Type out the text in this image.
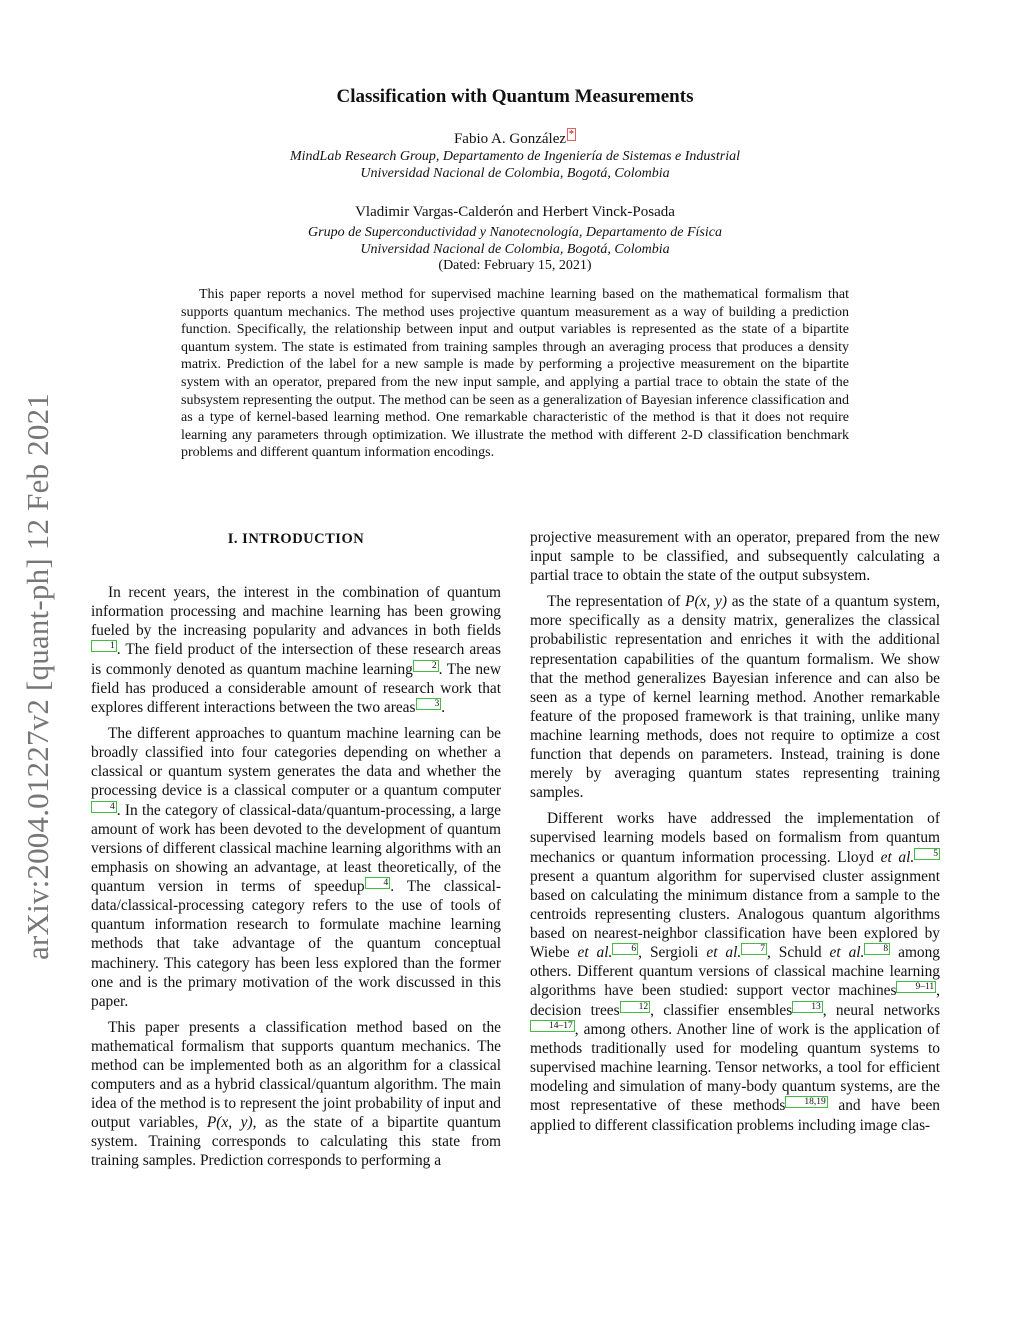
arXiv:2004.01227v2 [quant-ph] 12 Feb 2021
Classification with Quantum Measurements
Fabio A. González *
MindLab Research Group, Departamento de Ingeniería de Sistemas e Industrial
Universidad Nacional de Colombia, Bogotá, Colombia
Vladimir Vargas-Calderón and Herbert Vinck-Posada
Grupo de Superconductividad y Nanotecnología, Departamento de Física
Universidad Nacional de Colombia, Bogotá, Colombia
(Dated: February 15, 2021)

This paper reports a novel method for supervised machine learning based on the mathematical formalism that supports quantum mechanics. The method uses projective quantum measurement as a way of building a prediction function. Specifically, the relationship between input and output variables is represented as the state of a bipartite quantum system. The state is estimated from training samples through an averaging process that produces a density matrix. Prediction of the label for a new sample is made by performing a projective measurement on the bipartite system with an operator, prepared from the new input sample, and applying a partial trace to obtain the state of the subsystem representing the output. The method can be seen as a generalization of Bayesian inference classification and as a type of kernel-based learning method. One remarkable characteristic of the method is that it does not require learning any parameters through optimization. We illustrate the method with different 2-D classification benchmark problems and different quantum information encodings.

I. INTRODUCTION

In recent years, the interest in the combination of quantum information processing and machine learning has been growing fueled by the increasing popularity and advances in both fields1 . The field product of the intersection of these research areas is commonly denoted as quantum machine learning 2 . The new field has produced a considerable amount of research work that explores different interactions between the two areas 3 .

The different approaches to quantum machine learning can be broadly classified into four categories depending on whether a classical or quantum system generates the data and whether the processing device is a classical computer or a quantum computer4 . In the category of classical-data/quantum-processing, a large amount of work has been devoted to the development of quantum versions of different classical machine learning algorithms with an emphasis on showing an advantage, at least theoretically, of the quantum version in terms of speedup 4 . The classical-data/classical-processing category refers to the use of tools of quantum information research to formulate machine learning methods that take advantage of the quantum conceptual machinery. This category has been less explored than the former one and is the primary motivation of the work discussed in this paper.

This paper presents a classification method based on the mathematical formalism that supports quantum mechanics. The method can be implemented both as an algorithm for a classical computers and as a hybrid classical/quantum algorithm. The main idea of the method is to represent the joint probability of input and output variables, P(x, y), as the state of a bipartite quantum system. Training corresponds to calculating this state from training samples. Prediction corresponds to performing a

projective measurement with an operator, prepared from the new input sample to be classified, and subsequently calculating a partial trace to obtain the state of the output subsystem.

The representation of P(x, y) as the state of a quantum system, more specifically as a density matrix, generalizes the classical probabilistic representation and enriches it with the additional representation capabilities of the quantum formalism. We show that the method generalizes Bayesian inference and can also be seen as a type of kernel learning method. Another remarkable feature of the proposed framework is that training, unlike many machine learning methods, does not require to optimize a cost function that depends on parameters. Instead, training is done merely by averaging quantum states representing training samples.

Different works have addressed the implementation of supervised learning models based on formalism from quantum mechanics or quantum information processing. Lloyd et al. 5 present a quantum algorithm for supervised cluster assignment based on calculating the minimum distance from a sample to the centroids representing clusters. Analogous quantum algorithms based on nearest-neighbor classification have been explored by Wiebe et al. 6 , Sergioli et al. 7 , Schuld et al. 8 among others. Different quantum versions of classical machine learning algorithms have been studied: support vector machines 9–11 , decision trees 12 , classifier ensembles 13 , neural networks14–17 , among others. Another line of work is the application of methods traditionally used for modeling quantum systems to supervised machine learning. Tensor networks, a tool for efficient modeling and simulation of many-body quantum systems, are the most representative of these methods 18,19 and have been applied to different classification problems including image clas-
